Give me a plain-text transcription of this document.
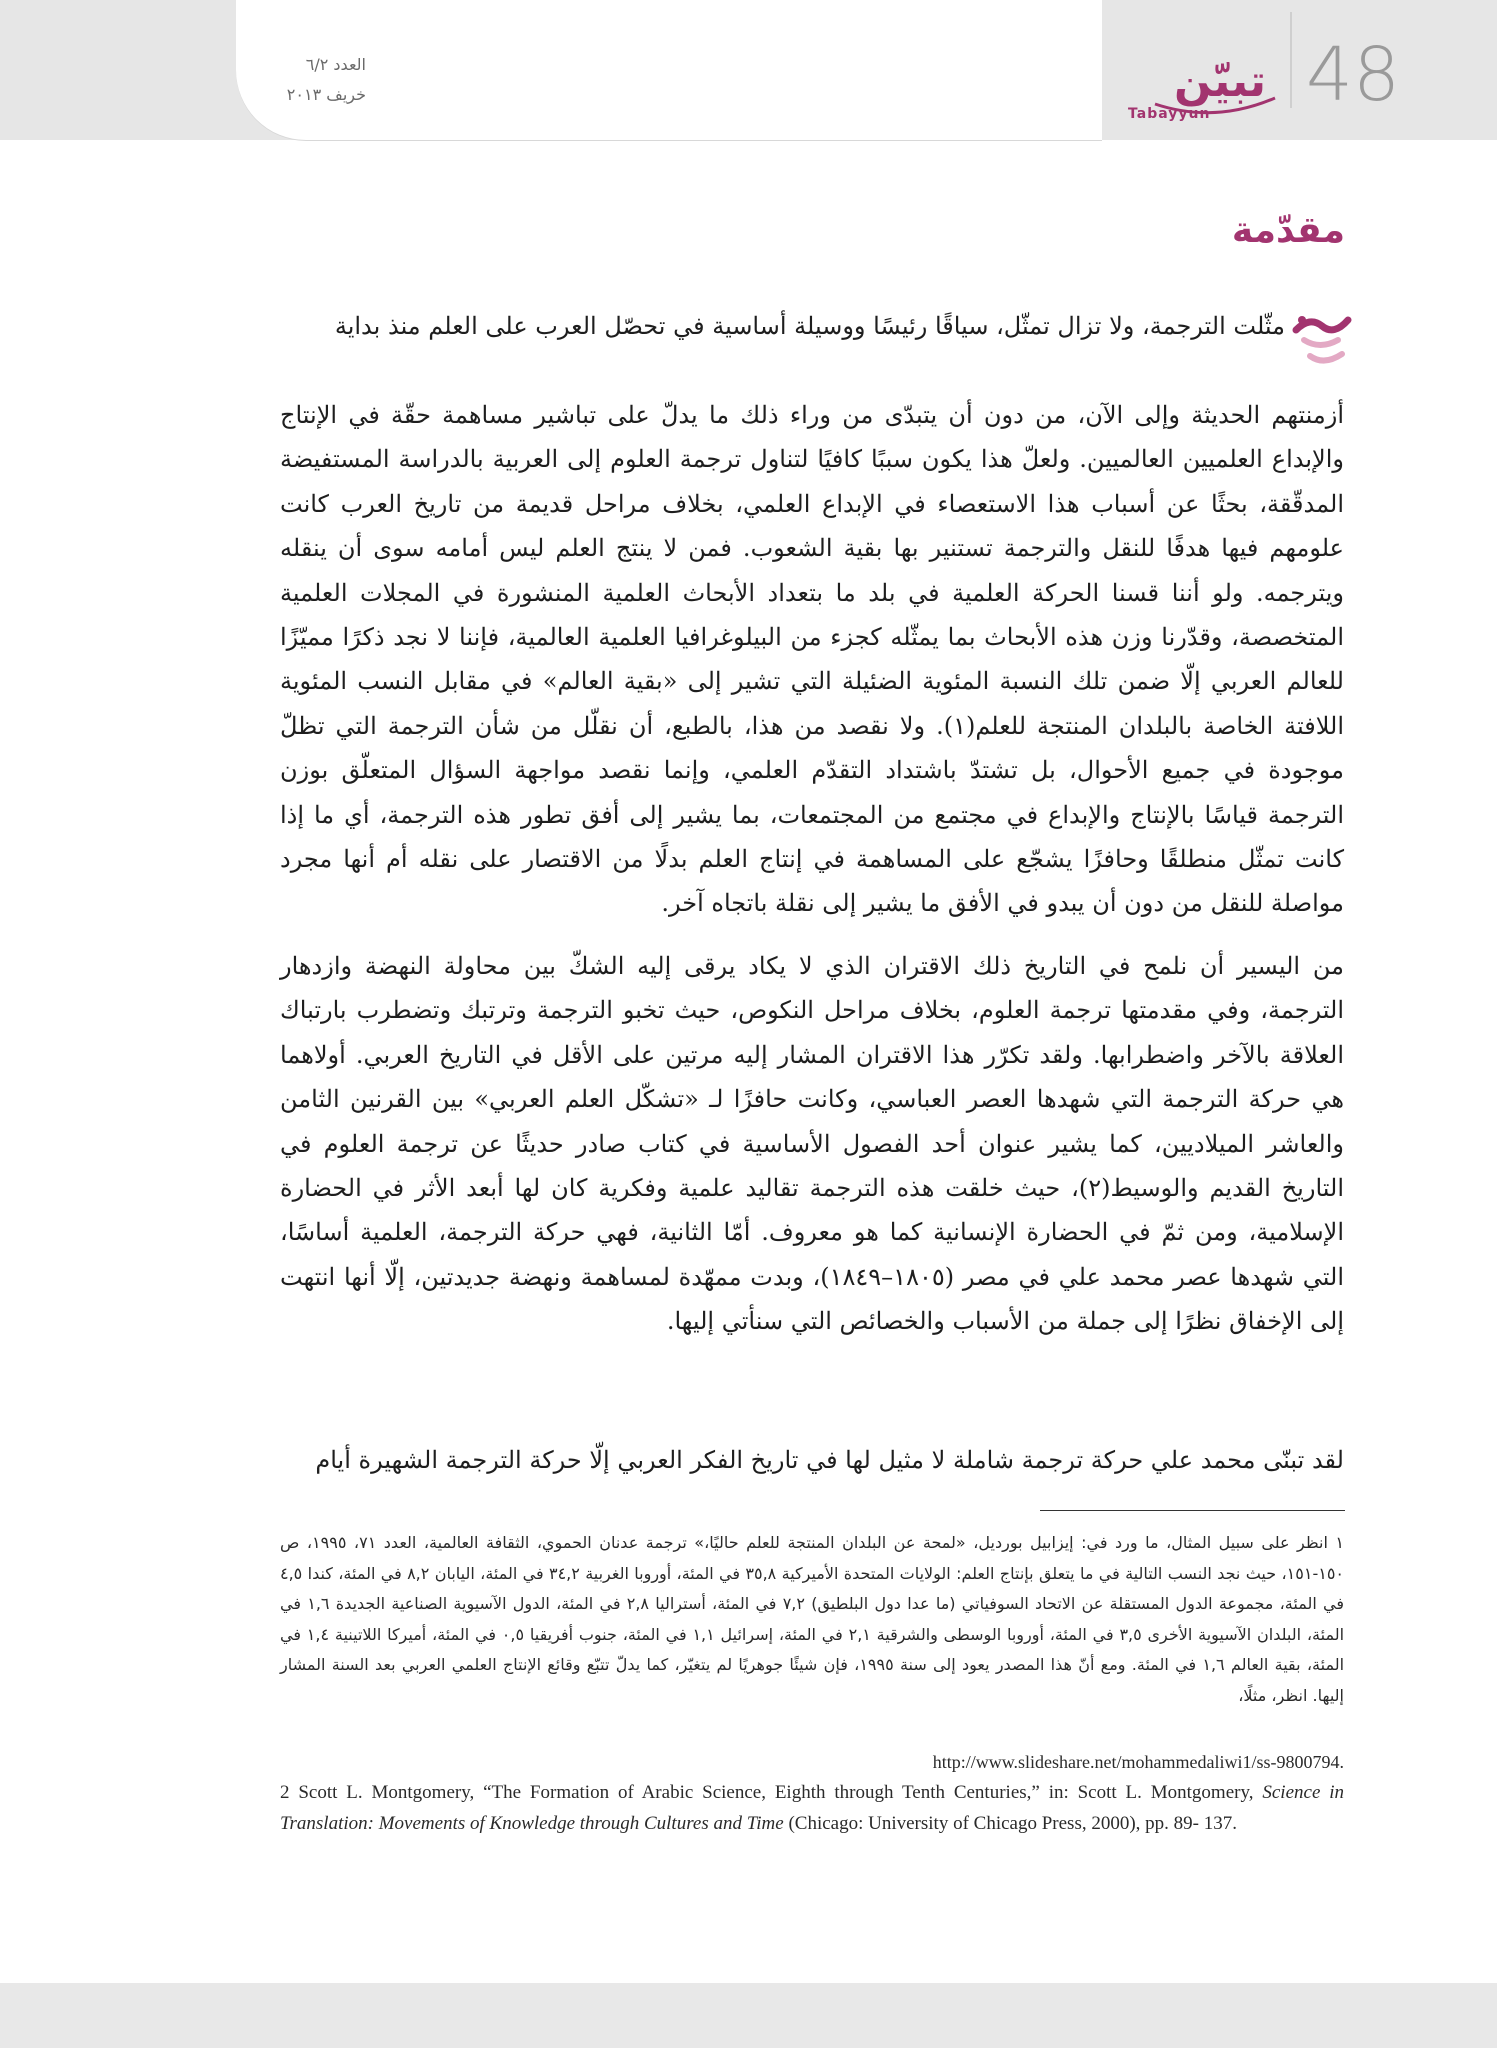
العدد ٦/٢
خريف ٢٠١٣	تبيّن
Tabayyun 48
مقدّمة

مثّلت الترجمة، ولا تزال تمثّل، سياقًا رئيسًا ووسيلة أساسية في تحصّل العرب على العلم منذ بداية

أزمنتهم الحديثة وإلى الآن، من دون أن يتبدّى من وراء ذلك ما يدلّ على تباشير مساهمة حقّة في الإنتاج والإبداع العلميين العالميين. ولعلّ هذا يكون سببًا كافيًا لتناول ترجمة العلوم إلى العربية بالدراسة المستفيضة المدقّقة، بحثًا عن أسباب هذا الاستعصاء في الإبداع العلمي، بخلاف مراحل قديمة من تاريخ العرب كانت علومهم فيها هدفًا للنقل والترجمة تستنير بها بقية الشعوب. فمن لا ينتج العلم ليس أمامه سوى أن ينقله ويترجمه. ولو أننا قسنا الحركة العلمية في بلد ما بتعداد الأبحاث العلمية المنشورة في المجلات العلمية المتخصصة، وقدّرنا وزن هذه الأبحاث بما يمثّله كجزء من البيلوغرافيا العلمية العالمية، فإننا لا نجد ذكرًا مميّزًا للعالم العربي إلّا ضمن تلك النسبة المئوية الضئيلة التي تشير إلى «بقية العالم» في مقابل النسب المئوية اللافتة الخاصة بالبلدان المنتجة للعلم(١). ولا نقصد من هذا، بالطبع، أن نقلّل من شأن الترجمة التي تظلّ موجودة في جميع الأحوال، بل تشتدّ باشتداد التقدّم العلمي، وإنما نقصد مواجهة السؤال المتعلّق بوزن الترجمة قياسًا بالإنتاج والإبداع في مجتمع من المجتمعات، بما يشير إلى أفق تطور هذه الترجمة، أي ما إذا كانت تمثّل منطلقًا وحافزًا يشجّع على المساهمة في إنتاج العلم بدلًا من الاقتصار على نقله أم أنها مجرد مواصلة للنقل من دون أن يبدو في الأفق ما يشير إلى نقلة باتجاه آخر.

من اليسير أن نلمح في التاريخ ذلك الاقتران الذي لا يكاد يرقى إليه الشكّ بين محاولة النهضة وازدهار الترجمة، وفي مقدمتها ترجمة العلوم، بخلاف مراحل النكوص، حيث تخبو الترجمة وترتبك وتضطرب بارتباك العلاقة بالآخر واضطرابها. ولقد تكرّر هذا الاقتران المشار إليه مرتين على الأقل في التاريخ العربي. أولاهما هي حركة الترجمة التي شهدها العصر العباسي، وكانت حافزًا لـ «تشكّل العلم العربي» بين القرنين الثامن والعاشر الميلاديين، كما يشير عنوان أحد الفصول الأساسية في كتاب صادر حديثًا عن ترجمة العلوم في التاريخ القديم والوسيط(٢)، حيث خلقت هذه الترجمة تقاليد علمية وفكرية كان لها أبعد الأثر في الحضارة الإسلامية، ومن ثمّ في الحضارة الإنسانية كما هو معروف. أمّا الثانية، فهي حركة الترجمة، العلمية أساسًا، التي شهدها عصر محمد علي في مصر (١٨٠٥–١٨٤٩)، وبدت ممهّدة لمساهمة ونهضة جديدتين، إلّا أنها انتهت إلى الإخفاق نظرًا إلى جملة من الأسباب والخصائص التي سنأتي إليها.

لقد تبنّى محمد علي حركة ترجمة شاملة لا مثيل لها في تاريخ الفكر العربي إلّا حركة الترجمة الشهيرة أيام

١ انظر على سبيل المثال، ما ورد في: إيزابيل بورديل، «لمحة عن البلدان المنتجة للعلم حاليًا،» ترجمة عدنان الحموي، الثقافة العالمية، العدد ٧١، ١٩٩٥، ص ١٥٠-١٥١، حيث نجد النسب التالية في ما يتعلق بإنتاج العلم: الولايات المتحدة الأميركية ٣٥,٨ في المئة، أوروبا الغربية ٣٤,٢ في المئة، اليابان ٨,٢ في المئة، كندا ٤,٥ في المئة، مجموعة الدول المستقلة عن الاتحاد السوفياتي (ما عدا دول البلطيق) ٧,٢ في المئة، أستراليا ٢,٨ في المئة، الدول الآسيوية الصناعية الجديدة ١,٦ في المئة، البلدان الآسيوية الأخرى ٣,٥ في المئة، أوروبا الوسطى والشرقية ٢,١ في المئة، إسرائيل ١,١ في المئة، جنوب أفريقيا ٠,٥ في المئة، أميركا اللاتينية ١,٤ في المئة، بقية العالم ١,٦ في المئة. ومع أنّ هذا المصدر يعود إلى سنة ١٩٩٥، فإن شيئًا جوهريًا لم يتغيّر، كما يدلّ تتبّع وقائع الإنتاج العلمي العربي بعد السنة المشار إليها. انظر، مثلًا،

http://www.slideshare.net/mohammedaliwi1/ss-9800794.

2 Scott L. Montgomery, “The Formation of Arabic Science, Eighth through Tenth Centuries,” in: Scott L. Montgomery, Science in Translation: Movements of Knowledge through Cultures and Time (Chicago: University of Chicago Press, 2000), pp. 89- 137.
